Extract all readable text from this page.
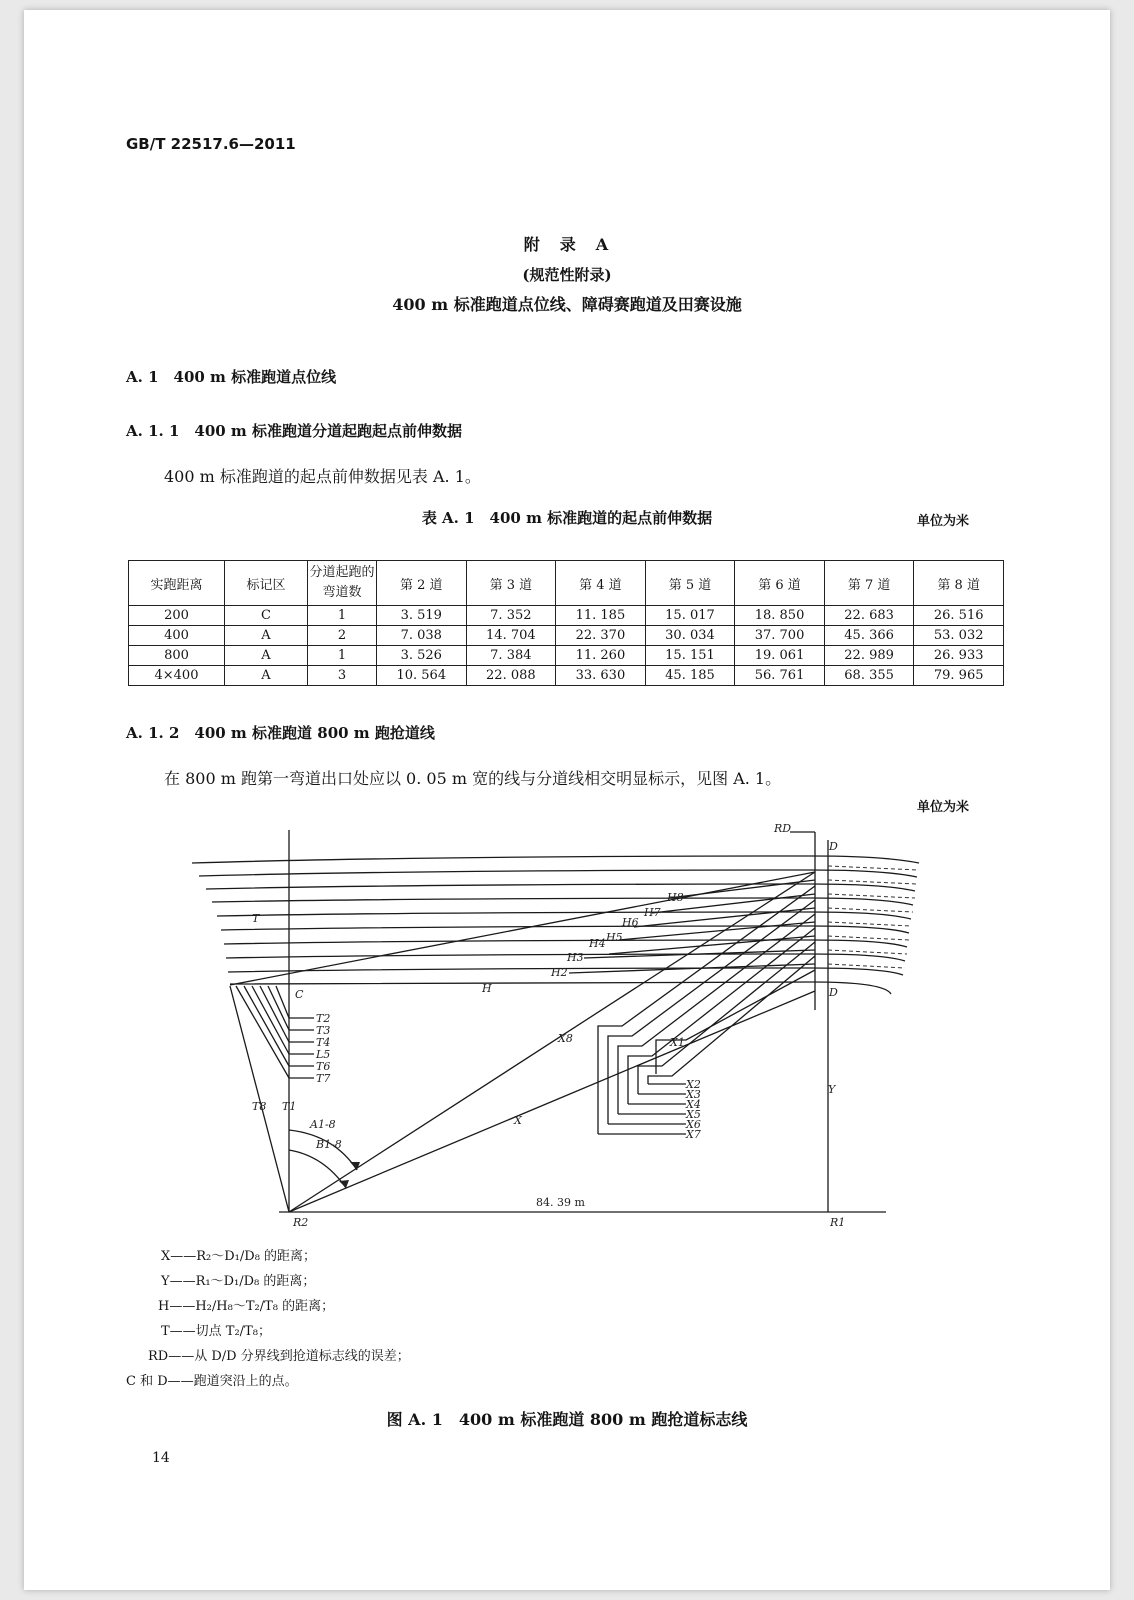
GB/T 22517.6—2011
附　录　A
(规范性附录)
400 m 标准跑道点位线、障碍赛跑道及田赛设施
A. 1　400 m 标准跑道点位线
A. 1. 1　400 m 标准跑道分道起跑起点前伸数据
400 m 标准跑道的起点前伸数据见表 A. 1。
表 A. 1　400 m 标准跑道的起点前伸数据	单位为米
实跑距离	标记区	分道起跑的弯道数	第 2 道	第 3 道	第 4 道	第 5 道	第 6 道	第 7 道	第 8 道
200	C	1	3. 519	7. 352	11. 185	15. 017	18. 850	22. 683	26. 516
400	A	2	7. 038	14. 704	22. 370	30. 034	37. 700	45. 366	53. 032
800	A	1	3. 526	7. 384	11. 260	15. 151	19. 061	22. 989	26. 933
4×400	A	3	10. 564	22. 088	33. 630	45. 185	56. 761	68. 355	79. 965
A. 1. 2　400 m 标准跑道 800 m 跑抢道线
在 800 m 跑第一弯道出口处应以 0. 05 m 宽的线与分道线相交明显标示，见图 A. 1。
单位为米
RD
D
D
C
T
H
X
X8	X1
Y
T8 T1
A1-8
B1-8
R2	R1
84. 39 m
H8
H7
H6
H5
H4
H3
H2
T2
T3
T4
L5
T6
T7	X2
X3
X4
X5
X6
X7
X——R₂～D₁/D₈ 的距离；
Y——R₁～D₁/D₈ 的距离；
H——H₂/H₈～T₂/T₈ 的距离；
T——切点 T₂/T₈；
RD——从 D/D 分界线到抢道标志线的误差；
C 和 D——跑道突沿上的点。
图 A. 1　400 m 标准跑道 800 m 跑抢道标志线
14
